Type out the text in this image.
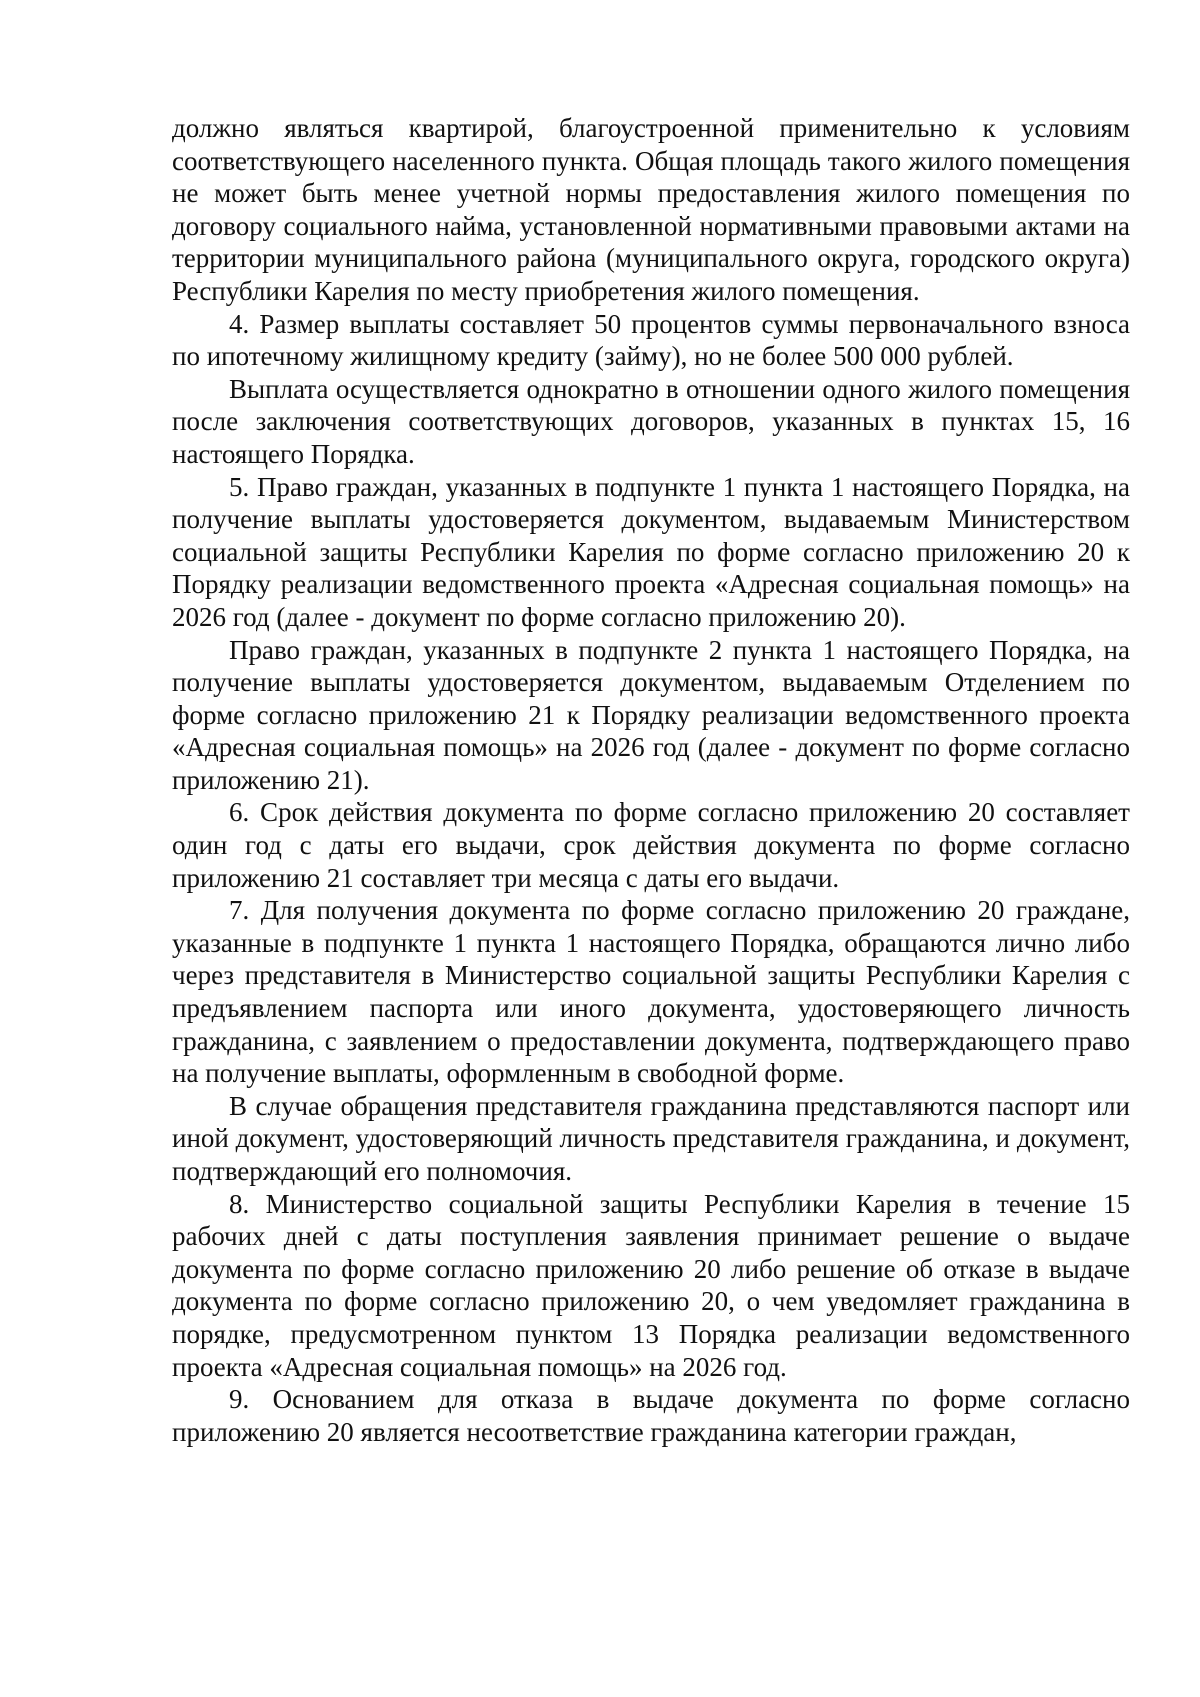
должно являться квартирой, благоустроенной применительно к условиям соответствующего населенного пункта. Общая площадь такого жилого помещения не может быть менее учетной нормы предоставления жилого помещения по договору социального найма, установленной нормативными правовыми актами на территории муниципального района (муниципального округа, городского округа) Республики Карелия по месту приобретения жилого помещения.

4. Размер выплаты составляет 50 процентов суммы первоначального взноса по ипотечному жилищному кредиту (займу), но не более 500 000 рублей.

Выплата осуществляется однократно в отношении одного жилого помещения после заключения соответствующих договоров, указанных в пунктах 15, 16 настоящего Порядка.

5. Право граждан, указанных в подпункте 1 пункта 1 настоящего Порядка, на получение выплаты удостоверяется документом, выдаваемым Министерством социальной защиты Республики Карелия по форме согласно приложению 20 к Порядку реализации ведомственного проекта «Адресная социальная помощь» на 2026 год (далее - документ по форме согласно приложению 20).

Право граждан, указанных в подпункте 2 пункта 1 настоящего Порядка, на получение выплаты удостоверяется документом, выдаваемым Отделением по форме согласно приложению 21 к Порядку реализации ведомственного проекта «Адресная социальная помощь» на 2026 год (далее - документ по форме согласно приложению 21).

6. Срок действия документа по форме согласно приложению 20 составляет один год с даты его выдачи, срок действия документа по форме согласно приложению 21 составляет три месяца с даты его выдачи.

7. Для получения документа по форме согласно приложению 20 граждане, указанные в подпункте 1 пункта 1 настоящего Порядка, обращаются лично либо через представителя в Министерство социальной защиты Республики Карелия с предъявлением паспорта или иного документа, удостоверяющего личность гражданина, с заявлением о предоставлении документа, подтверждающего право на получение выплаты, оформленным в свободной форме.

В случае обращения представителя гражданина представляются паспорт или иной документ, удостоверяющий личность представителя гражданина, и документ, подтверждающий его полномочия.

8. Министерство социальной защиты Республики Карелия в течение 15 рабочих дней с даты поступления заявления принимает решение о выдаче документа по форме согласно приложению 20 либо решение об отказе в выдаче документа по форме согласно приложению 20, о чем уведомляет гражданина в порядке, предусмотренном пунктом 13 Порядка реализации ведомственного проекта «Адресная социальная помощь» на 2026 год.

9. Основанием для отказа в выдаче документа по форме согласно приложению 20 является несоответствие гражданина категории граждан,
